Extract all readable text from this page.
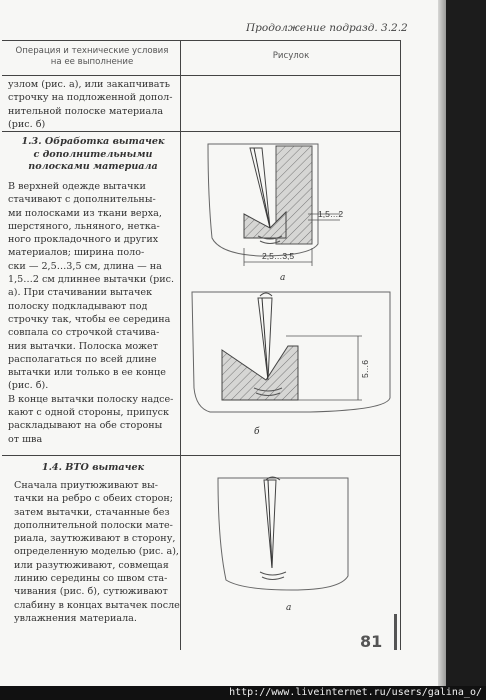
Продолжение подразд. 3.2.2
Операция и технические условия
на ее выполнение
Рисулок
узлом (рис. а), или закапчивать
строчку на подложенной допол-
нительной полоске материала
(рис. б)
1.3. Обработка вытачек
с дополнительными
полосками материала
В верхней одежде вытачки
стачивают с дополнительны-
ми полосками из ткани верха,
шерстяного, льняного, нетка-
ного прокладочного и других
материалов; ширина поло-
ски — 2,5…3,5 см, длина — на
1,5…2 см длиннее вытачки (рис.
а). При стачивании вытачек
полоску подкладывают под
строчку так, чтобы ее середина
совпала со строчкой стачива-
ния вытачки. Полоска может
располагаться по всей длине
вытачки или только в ее конце
(рис. б).
В конце вытачки полоску надсе-
кают с одной стороны, припуск
раскладывают на обе стороны
от шва
1,5…2
2,5…3,5
а
5…6
б
1.4. ВТО вытачек
Сначала приутюживают вы-
тачки на ребро с обеих сторон;
затем вытачки, стачанные без
дополнительной полоски мате-
риала, заутюживают в сторону,
определенную моделью (рис. а),
или разутюживают, совмещая
линию середины со швом ста-
чивания (рис. б), сутюживают
слабину в концах вытачек после
увлажнения материала.
а
81
http://www.liveinternet.ru/users/galina_o/
